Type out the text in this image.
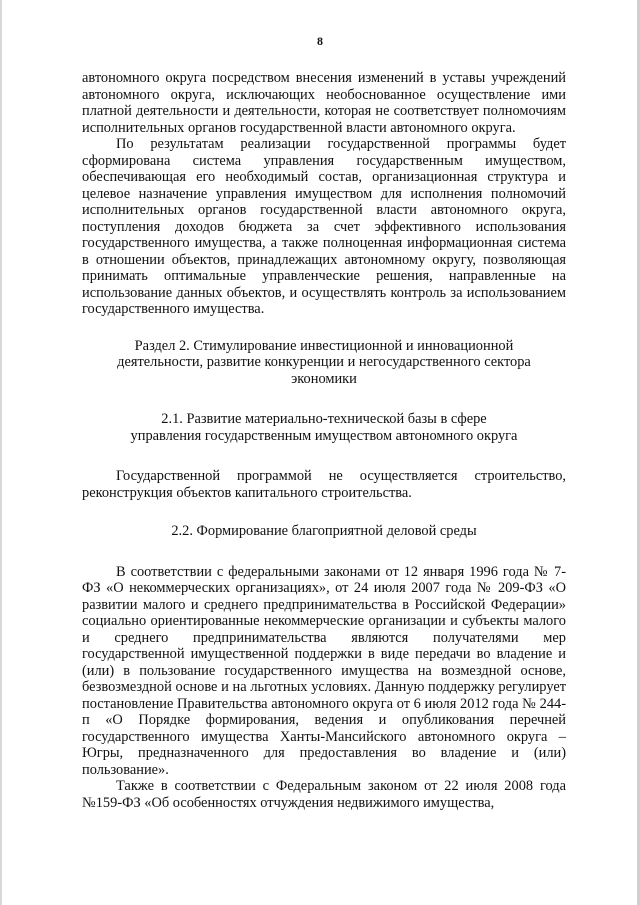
8

автономного округа посредством внесения изменений в уставы учреждений автономного округа, исключающих необоснованное осуществление ими платной деятельности и деятельности, которая не соответствует полномочиям исполнительных органов государственной власти автономного округа.

По результатам реализации государственной программы будет сформирована система управления государственным имуществом, обеспечивающая его необходимый состав, организационная структура и целевое назначение управления имуществом для исполнения полномочий исполнительных органов государственной власти автономного округа, поступления доходов бюджета за счет эффективного использования государственного имущества, а также полноценная информационная система в отношении объектов, принадлежащих автономному округу, позволяющая принимать оптимальные управленческие решения, направленные на использование данных объектов, и осуществлять контроль за использованием государственного имущества.

Раздел 2. Стимулирование инвестиционной и инновационной
деятельности, развитие конкуренции и негосударственного сектора
экономики
2.1. Развитие материально-технической базы в сфере
управления государственным имуществом автономного округа

Государственной программой не осуществляется строительство, реконструкция объектов капитального строительства.

2.2. Формирование благоприятной деловой среды

В соответствии с федеральными законами от 12 января 1996 года № 7-ФЗ «О некоммерческих организациях», от 24 июля 2007 года № 209-ФЗ «О развитии малого и среднего предпринимательства в Российской Федерации» социально ориентированные некоммерческие организации и субъекты малого и среднего предпринимательства являются получателями мер государственной имущественной поддержки в виде передачи во владение и (или) в пользование государственного имущества на возмездной основе, безвозмездной основе и на льготных условиях. Данную поддержку регулирует постановление Правительства автономного округа от 6 июля 2012 года № 244-п «О Порядке формирования, ведения и опубликования перечней государственного имущества Ханты-Мансийского автономного округа – Югры, предназначенного для предоставления во владение и (или) пользование».

Также в соответствии с Федеральным законом от 22 июля 2008 года №159-ФЗ «Об особенностях отчуждения недвижимого имущества,
